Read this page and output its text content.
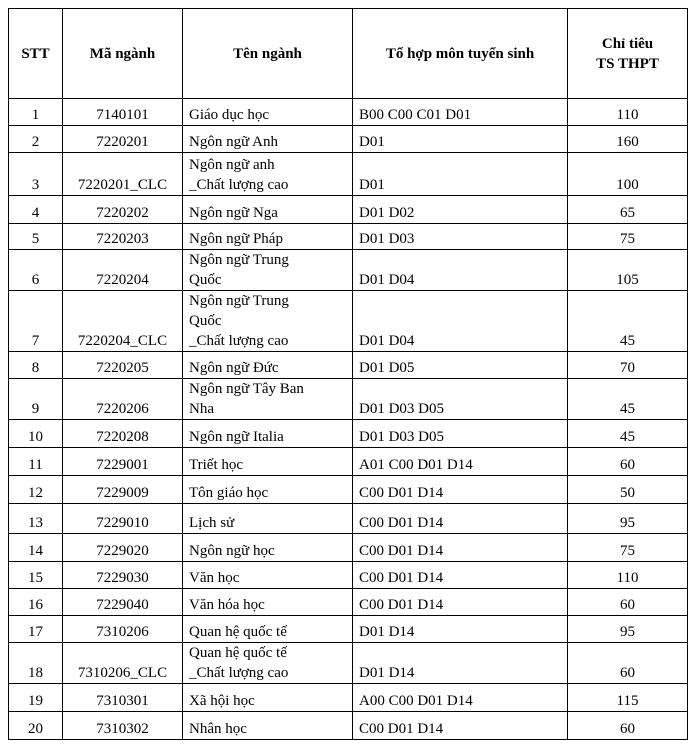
STT	Mã ngành	Tên ngành	Tổ hợp môn tuyển sinh	Chỉ tiêu
TS THPT

1	7140101	Giáo dục học	B00 C00 C01 D01	110
2	7220201	Ngôn ngữ Anh	D01	160
3	7220201_CLC	Ngôn ngữ anh
_Chất lượng cao	D01	100
4	7220202	Ngôn ngữ Nga	D01 D02	65
5	7220203	Ngôn ngữ Pháp	D01 D03	75
6	7220204	Ngôn ngữ Trung
Quốc	D01 D04	105
7	7220204_CLC	Ngôn ngữ Trung
Quốc
_Chất lượng cao	D01 D04	45
8	7220205	Ngôn ngữ Đức	D01 D05	70
9	7220206	Ngôn ngữ Tây Ban
Nha	D01 D03 D05	45
10	7220208	Ngôn ngữ Italia	D01 D03 D05	45
11	7229001	Triết học	A01 C00 D01 D14	60
12	7229009	Tôn giáo học	C00 D01 D14	50
13	7229010	Lịch sử	C00 D01 D14	95
14	7229020	Ngôn ngữ học	C00 D01 D14	75
15	7229030	Văn học	C00 D01 D14	110
16	7229040	Văn hóa học	C00 D01 D14	60
17	7310206	Quan hệ quốc tế	D01 D14	95
18	7310206_CLC	Quan hệ quốc tế
_Chất lượng cao	D01 D14	60
19	7310301	Xã hội học	A00 C00 D01 D14	115
20	7310302	Nhân học	C00 D01 D14	60
